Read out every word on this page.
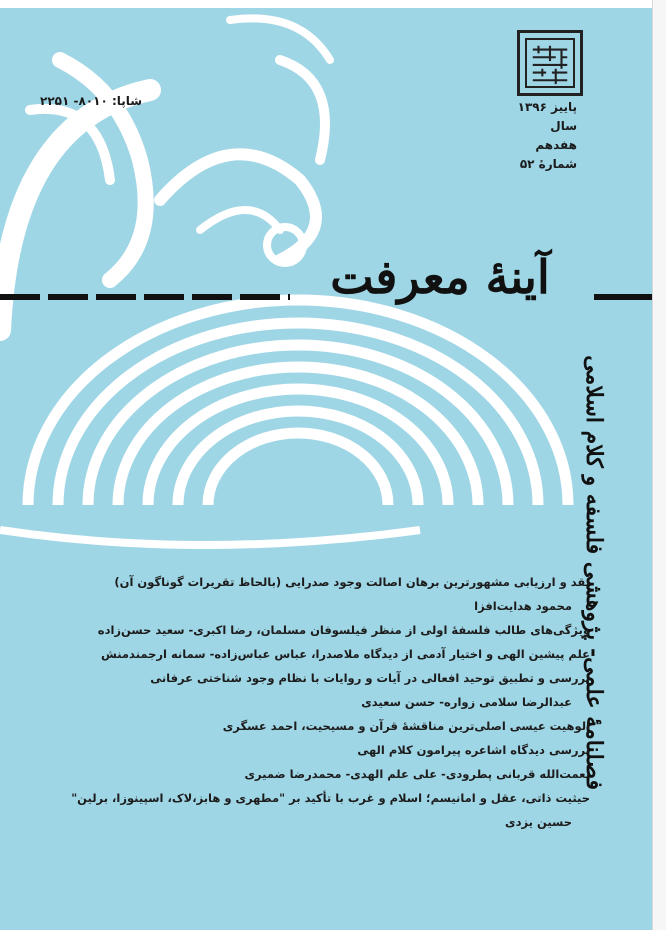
پاییز ۱۳۹۶
سال هفدهم
شمارهٔ ۵۲
شاپا: ۸۰۱۰- ۲۲۵۱
آینهٔ معرفت
فصلنامهٔ علمی- پژوهشی فلسفه و کلام اسلامی
نقد و ارزیابی مشهورترین برهان اصالت وجود صدرایی (بالحاظ تقریرات گوناگون آن)
محمود هدایت‌افزا
ویژگی‌های طالب فلسفهٔ اولی از منظر فیلسوفان مسلمان، رضا اکبری- سعید حسن‌زاده
علم پیشین الهی و اختیار آدمی از دیدگاه ملاصدرا، عباس عباس‌زاده- سمانه ارجمندمنش
بررسی و تطبیق توحید افعالی در آیات و روایات با نظام وجود شناختی عرفانی
عبدالرضا سلامی زواره- حسن سعیدی
الوهیت عیسی اصلی‌ترین مناقشهٔ قرآن و مسیحیت، احمد عسگری
بررسی دیدگاه اشاعره پیرامون کلام الهی
نعمت‌الله قربانی پطرودی- علی علم الهدی- محمدرضا ضمیری
حیثیت ذاتی، عقل و امانیسم؛ اسلام و غرب با تأکید بر "مطهری و هابز،لاک، اسپینوزا، برلین"
حسین یزدی
